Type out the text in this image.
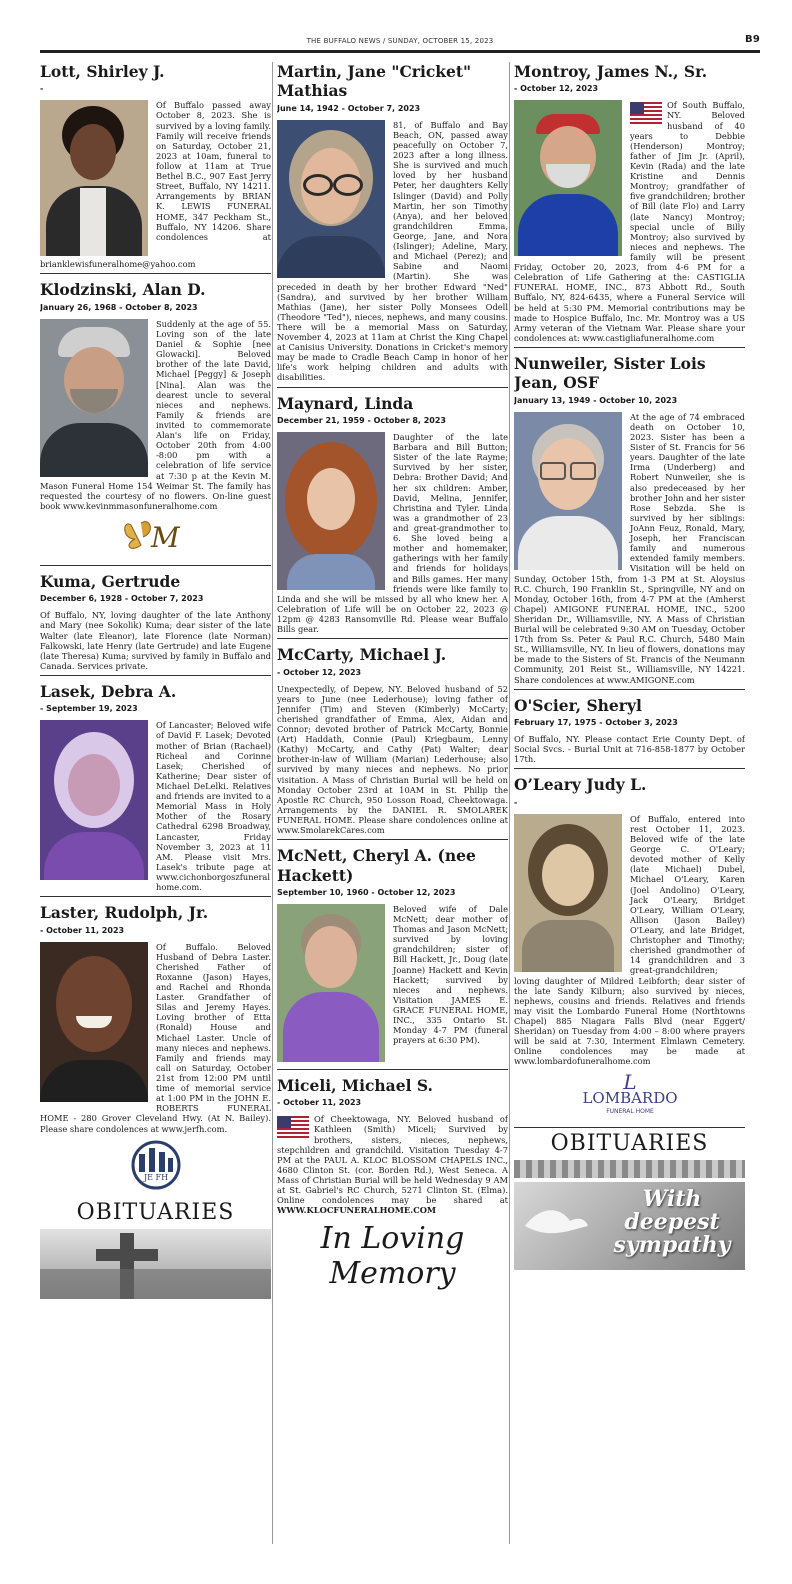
THE BUFFALO NEWS / SUNDAY, OCTOBER 15, 2023	B9
Lott, Shirley J.
-
Of Buffalo passed away October 8, 2023. She is survived by a loving family. Family will receive friends on Saturday, October 21, 2023 at 10am, funeral to follow at 11am at True Bethel B.C., 907 East Jerry Street, Buffalo, NY 14211. Arrangements by BRIAN K. LEWIS FUNERAL HOME, 347 Peckham St., Buffalo, NY 14206. Share condolences at brianklewisfuneralhome@yahoo.com
Klodzinski, Alan D.
January 26, 1968 - October 8, 2023
Suddenly at the age of 55. Loving son of the late Daniel & Sophie [nee Glowacki]. Beloved brother of the late David, Michael [Peggy] & Joseph [Nina]. Alan was the dearest uncle to several nieces and nephews. Family & friends are invited to commemorate Alan's life on Friday, October 20th from 4:00 -8:00 pm with a celebration of life service at 7:30 p at the Kevin M. Mason Funeral Home 154 Weimar St. The family has requested the courtesy of no flowers. On-line guest book www.kevinmmasonfuneralhome.com
M
Kuma, Gertrude
December 6, 1928 - October 7, 2023
Of Buffalo, NY, loving daughter of the late Anthony and Mary (nee Sokolik) Kuma; dear sister of the late Walter (late Eleanor), late Florence (late Norman) Falkowski, late Henry (late Gertrude) and late Eugene (late Theresa) Kuma; survived by family in Buffalo and Canada. Services private.
Lasek, Debra A.
- September 19, 2023
Of Lancaster; Beloved wife of David F. Lasek; Devoted mother of Brian (Rachael) Richeal and Corinne Lasek; Cherished of Katherine; Dear sister of Michael DeLelki. Relatives and friends are invited to a Memorial Mass in Holy Mother of the Rosary Cathedral 6298 Broadway, Lancaster, Friday November 3, 2023 at 11 AM. Please visit Mrs. Lasek's tribute page at www.cichonborgoszfuneral home.com.
Laster, Rudolph, Jr.
- October 11, 2023
Of Buffalo. Beloved Husband of Debra Laster. Cherished Father of Roxanne (Jason) Hayes, and Rachel and Rhonda Laster. Grandfather of Silas and Jeremy Hayes. Loving brother of Etta (Ronald) House and Michael Laster. Uncle of many nieces and nephews. Family and friends may call on Saturday, October 21st from 12:00 PM until time of memorial service at 1:00 PM in the JOHN E. ROBERTS FUNERAL HOME - 280 Grover Cleveland Hwy. (At N. Bailey). Please share condolences at www.jerfh.com.
JE FH
OBITUARIES
Martin, Jane "Cricket" Mathias
June 14, 1942 - October 7, 2023
81, of Buffalo and Bay Beach, ON, passed away peacefully on October 7, 2023 after a long illness. She is survived and much loved by her husband Peter, her daughters Kelly Islinger (David) and Polly Martin, her son Timothy (Anya), and her beloved grandchildren Emma, George, Jane, and Nora (Islinger); Adeline, Mary, and Michael (Perez); and Sabine and Naomi (Martin). She was preceded in death by her brother Edward "Ned" (Sandra), and survived by her brother William Mathias (Jane), her sister Polly Monsees Odell (Theodore "Ted"), nieces, nephews, and many cousins. There will be a memorial Mass on Saturday, November 4, 2023 at 11am at Christ the King Chapel at Canisius University. Donations in Cricket's memory may be made to Cradle Beach Camp in honor of her life's work helping children and adults with disabilities.
Maynard, Linda
December 21, 1959 - October 8, 2023
Daughter of the late Barbara and Bill Button; Sister of the late Rayme; Survived by her sister, Debra: Brother David; And her six children: Amber, David, Melina, Jennifer, Christina and Tyler. Linda was a grandmother of 23 and great-grandmother to 6. She loved being a mother and homemaker, gatherings with her family and friends for holidays and Bills games. Her many friends were like family to Linda and she will be missed by all who knew her. A Celebration of Life will be on October 22, 2023 @ 12pm @ 4283 Ransomville Rd. Please wear Buffalo Bills gear.
McCarty, Michael J.
- October 12, 2023
Unexpectedly, of Depew, NY. Beloved husband of 52 years to June (nee Lederhouse); loving father of Jennifer (Tim) and Steven (Kimberly) McCarty; cherished grandfather of Emma, Alex, Aidan and Connor; devoted brother of Patrick McCarty, Bonnie (Art) Haddath, Connie (Paul) Kriegbaum, Lenny (Kathy) McCarty, and Cathy (Pat) Walter; dear brother-in-law of William (Marian) Lederhouse; also survived by many nieces and nephews. No prior visitation. A Mass of Christian Burial will be held on Monday October 23rd at 10AM in St. Philip the Apostle RC Church, 950 Losson Road, Cheektowaga. Arrangements by the DANIEL R. SMOLAREK FUNERAL HOME. Please share condolences online at www.SmolarekCares.com
McNett, Cheryl A. (nee Hackett)
September 10, 1960 - October 12, 2023
Beloved wife of Dale McNett; dear mother of Thomas and Jason McNett; survived by loving grandchildren; sister of Bill Hackett, Jr., Doug (late Joanne) Hackett and Kevin Hackett; survived by nieces and nephews. Visitation JAMES E. GRACE FUNERAL HOME, INC., 335 Ontario St. Monday 4-7 PM (funeral prayers at 6:30 PM).
Miceli, Michael S.
- October 11, 2023
Of Cheektowaga, NY. Beloved husband of Kathleen (Smith) Miceli; Survived by brothers, sisters, nieces, nephews, stepchildren and grandchild. Visitation Tuesday 4-7 PM at the PAUL A. KLOC BLOSSOM CHAPELS INC., 4680 Clinton St. (cor. Borden Rd.), West Seneca. A Mass of Christian Burial will be held Wednesday 9 AM at St. Gabriel's RC Church, 5271 Clinton St. (Elma). Online condolences may be shared at WWW.KLOCFUNERALHOME.COM
In Loving Memory
Montroy, James N., Sr.
- October 12, 2023
Of South Buffalo, NY. Beloved husband of 40 years to Debbie (Henderson) Montroy; father of Jim Jr. (April), Kevin (Rada) and the late Kristine and Dennis Montroy; grandfather of five grandchildren; brother of Bill (late Flo) and Larry (late Nancy) Montroy; special uncle of Billy Montroy; also survived by nieces and nephews. The family will be present Friday, October 20, 2023, from 4-6 PM for a Celebration of Life Gathering at the: CASTIGLIA FUNERAL HOME, INC., 873 Abbott Rd., South Buffalo, NY, 824-6435, where a Funeral Service will be held at 5:30 PM. Memorial contributions may be made to Hospice Buffalo, Inc. Mr. Montroy was a US Army veteran of the Vietnam War. Please share your condolences at: www.castigliafuneralhome.com
Nunweiler, Sister Lois Jean, OSF
January 13, 1949 - October 10, 2023
At the age of 74 embraced death on October 10, 2023. Sister has been a Sister of St. Francis for 56 years. Daughter of the late Irma (Underberg) and Robert Nunweiler, she is also predeceased by her brother John and her sister Rose Sebzda. She is survived by her siblings: JoAnn Feuz, Ronald, Mary, Joseph, her Franciscan family and numerous extended family members. Visitation will be held on Sunday, October 15th, from 1-3 PM at St. Aloysius R.C. Church, 190 Franklin St., Springville, NY and on Monday, October 16th, from 4-7 PM at the (Amherst Chapel) AMIGONE FUNERAL HOME, INC., 5200 Sheridan Dr., Williamsville, NY. A Mass of Christian Burial will be celebrated 9:30 AM on Tuesday, October 17th from Ss. Peter & Paul R.C. Church, 5480 Main St., Williamsville, NY. In lieu of flowers, donations may be made to the Sisters of St. Francis of the Neumann Community, 201 Reist St., Williamsville, NY 14221. Share condolences at www.AMIGONE.com
O'Scier, Sheryl
February 17, 1975 - October 3, 2023
Of Buffalo, NY. Please contact Erie County Dept. of Social Svcs. - Burial Unit at 716-858-1877 by October 17th.
O’Leary Judy L.
-
Of Buffalo, entered into rest October 11, 2023. Beloved wife of the late George C. O'Leary; devoted mother of Kelly (late Michael) Dubel, Michael O'Leary, Karen (Joel Andolino) O'Leary, Jack O'Leary, Bridget O'Leary, William O'Leary, Allison (Jason Bailey) O'Leary, and late Bridget, Christopher and Timothy; cherished grandmother of 14 grandchildren and 3 great-grandchildren; loving daughter of Mildred Leibforth; dear sister of the late Sandy Kilburn; also survived by nieces, nephews, cousins and friends. Relatives and friends may visit the Lombardo Funeral Home (Northtowns Chapel) 885 Niagara Falls Blvd (near Eggert/ Sheridan) on Tuesday from 4:00 – 8:00 where prayers will be said at 7:30, Interment Elmlawn Cemetery. Online condolences may be made at www.lombardofuneralhome.com
L
LOMBARDO
FUNERAL HOME
OBITUARIES
With deepest sympathy
